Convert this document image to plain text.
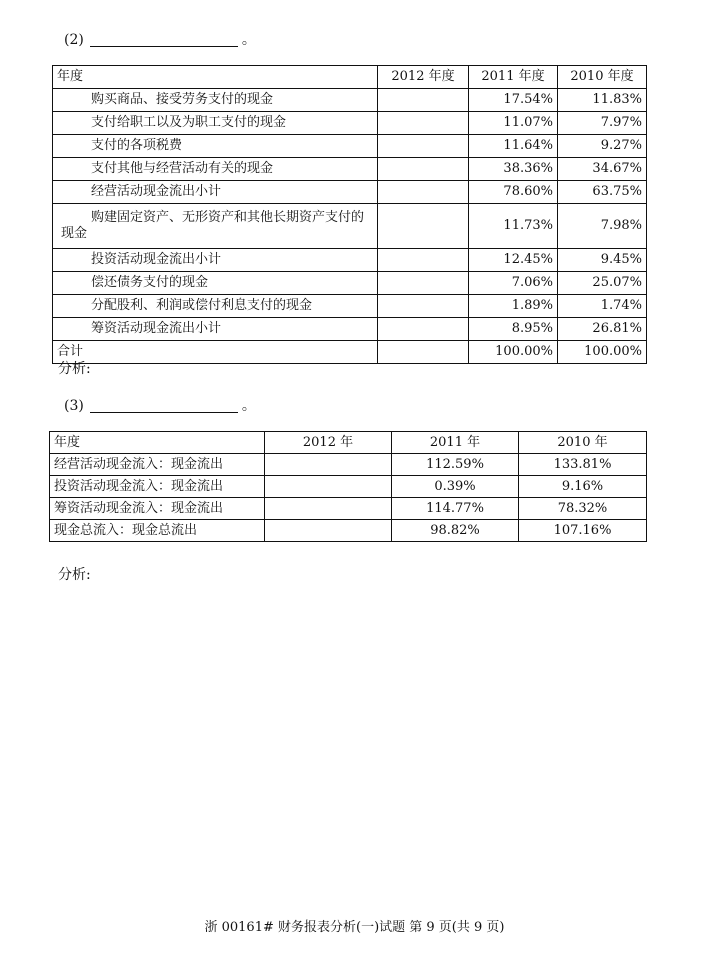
(2)	。
年度	2012 年度	2011 年度	2010 年度
购买商品、接受劳务支付的现金		17.54%	11.83%
支付给职工以及为职工支付的现金		11.07%	7.97%
支付的各项税费		11.64%	9.27%
支付其他与经营活动有关的现金		38.36%	34.67%
经营活动现金流出小计		78.60%	63.75%
购建固定资产、无形资产和其他长期资产支付的现金		11.73%	7.98%
投资活动现金流出小计		12.45%	9.45%
偿还债务支付的现金		7.06%	25.07%
分配股利、利润或偿付利息支付的现金		1.89%	1.74%
筹资活动现金流出小计		8.95%	26.81%
合计		100.00%	100.00%
分析:
(3)	。
年度	2012 年	2011 年	2010 年
经营活动现金流入：现金流出		112.59%	133.81%
投资活动现金流入：现金流出		0.39%	9.16%
筹资活动现金流入：现金流出		114.77%	78.32%
现金总流入：现金总流出		98.82%	107.16%
分析:
浙 00161# 财务报表分析(一)试题 第 9 页(共 9 页)
